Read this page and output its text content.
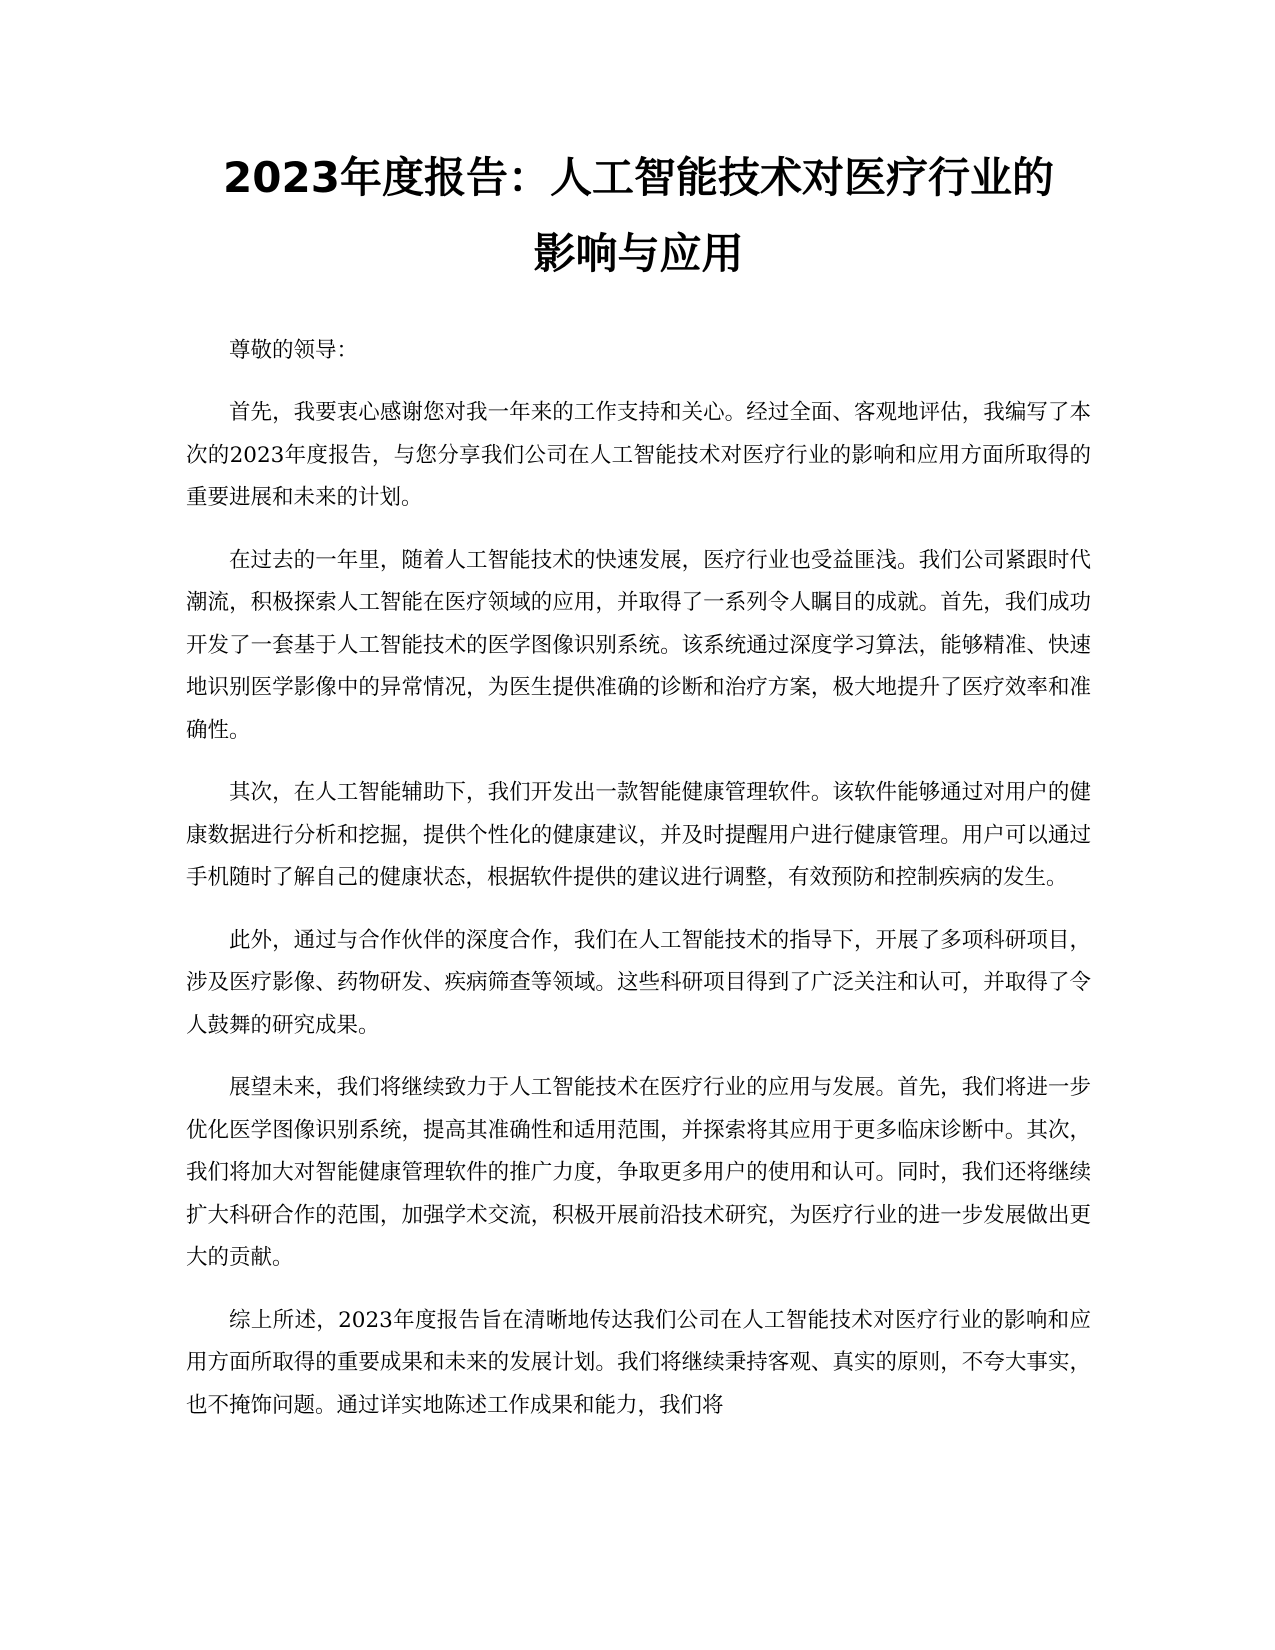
2023年度报告：人工智能技术对医疗行业的
影响与应用

尊敬的领导：

首先，我要衷心感谢您对我一年来的工作支持和关心。经过全面、客观地评估，我编写了本次的2023年度报告，与您分享我们公司在人工智能技术对医疗行业的影响和应用方面所取得的重要进展和未来的计划。

在过去的一年里，随着人工智能技术的快速发展，医疗行业也受益匪浅。我们公司紧跟时代潮流，积极探索人工智能在医疗领域的应用，并取得了一系列令人瞩目的成就。首先，我们成功开发了一套基于人工智能技术的医学图像识别系统。该系统通过深度学习算法，能够精准、快速地识别医学影像中的异常情况，为医生提供准确的诊断和治疗方案，极大地提升了医疗效率和准确性。

其次，在人工智能辅助下，我们开发出一款智能健康管理软件。该软件能够通过对用户的健康数据进行分析和挖掘，提供个性化的健康建议，并及时提醒用户进行健康管理。用户可以通过手机随时了解自己的健康状态，根据软件提供的建议进行调整，有效预防和控制疾病的发生。

此外，通过与合作伙伴的深度合作，我们在人工智能技术的指导下，开展了多项科研项目，涉及医疗影像、药物研发、疾病筛查等领域。这些科研项目得到了广泛关注和认可，并取得了令人鼓舞的研究成果。

展望未来，我们将继续致力于人工智能技术在医疗行业的应用与发展。首先，我们将进一步优化医学图像识别系统，提高其准确性和适用范围，并探索将其应用于更多临床诊断中。其次，我们将加大对智能健康管理软件的推广力度，争取更多用户的使用和认可。同时，我们还将继续扩大科研合作的范围，加强学术交流，积极开展前沿技术研究，为医疗行业的进一步发展做出更大的贡献。

综上所述，2023年度报告旨在清晰地传达我们公司在人工智能技术对医疗行业的影响和应用方面所取得的重要成果和未来的发展计划。我们将继续秉持客观、真实的原则，不夸大事实，也不掩饰问题。通过详实地陈述工作成果和能力，我们将
